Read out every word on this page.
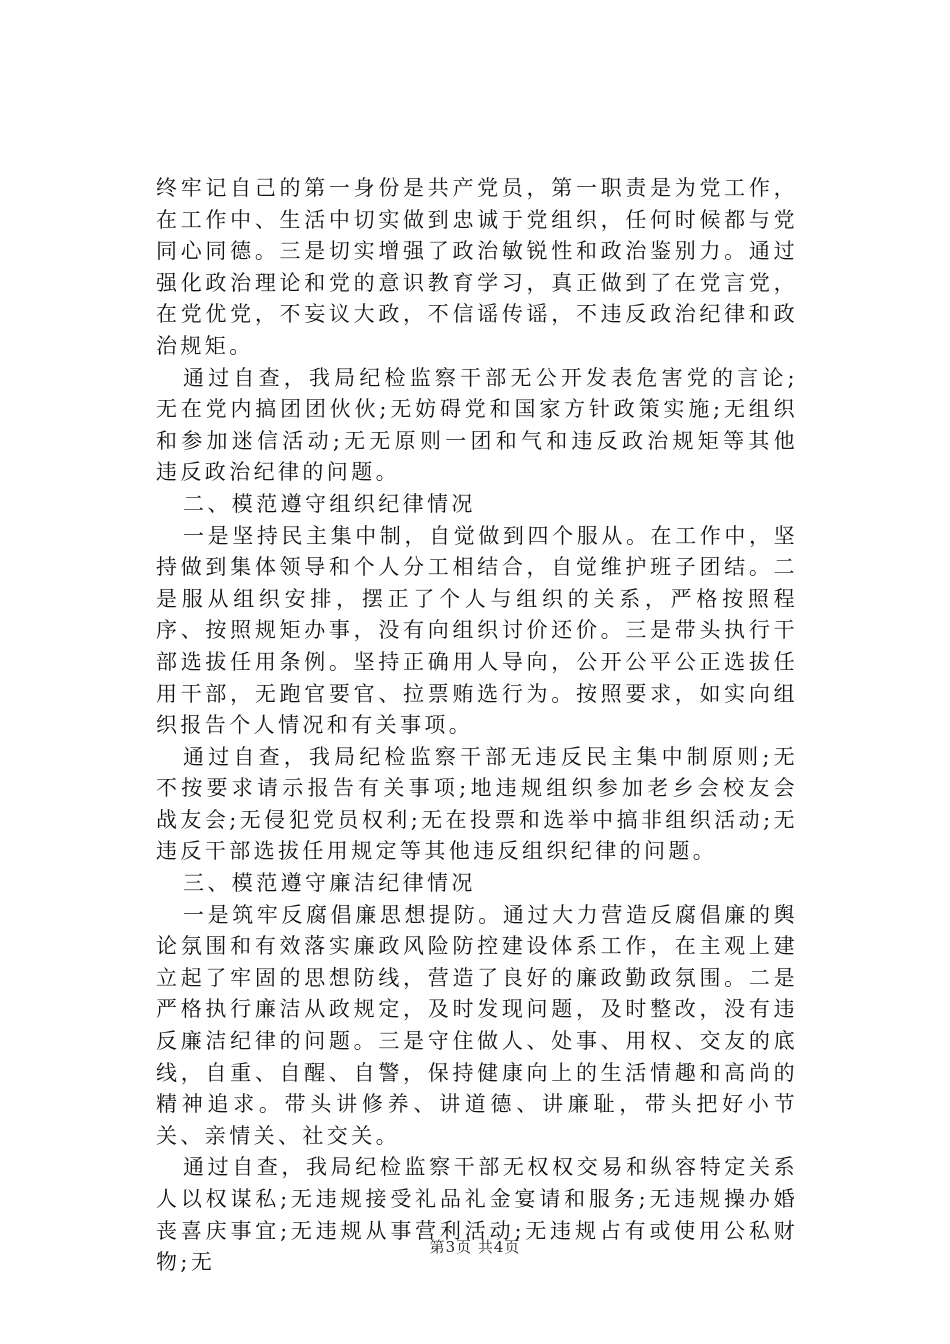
终牢记自己的第一身份是共产党员，第一职责是为党工作，在工作中、生活中切实做到忠诚于党组织，任何时候都与党同心同德。三是切实增强了政治敏锐性和政治鉴别力。通过强化政治理论和党的意识教育学习，真正做到了在党言党，在党优党，不妄议大政，不信谣传谣，不违反政治纪律和政治规矩。

通过自查，我局纪检监察干部无公开发表危害党的言论;无在党内搞团团伙伙;无妨碍党和国家方针政策实施;无组织和参加迷信活动;无无原则一团和气和违反政治规矩等其他违反政治纪律的问题。

二、模范遵守组织纪律情况

一是坚持民主集中制，自觉做到四个服从。在工作中，坚持做到集体领导和个人分工相结合，自觉维护班子团结。二是服从组织安排，摆正了个人与组织的关系，严格按照程序、按照规矩办事，没有向组织讨价还价。三是带头执行干部选拔任用条例。坚持正确用人导向，公开公平公正选拔任用干部，无跑官要官、拉票贿选行为。按照要求，如实向组织报告个人情况和有关事项。

通过自查，我局纪检监察干部无违反民主集中制原则;无不按要求请示报告有关事项;地违规组织参加老乡会校友会战友会;无侵犯党员权利;无在投票和选举中搞非组织活动;无违反干部选拔任用规定等其他违反组织纪律的问题。

三、模范遵守廉洁纪律情况

一是筑牢反腐倡廉思想提防。通过大力营造反腐倡廉的舆论氛围和有效落实廉政风险防控建设体系工作，在主观上建立起了牢固的思想防线，营造了良好的廉政勤政氛围。二是严格执行廉洁从政规定，及时发现问题，及时整改，没有违反廉洁纪律的问题。三是守住做人、处事、用权、交友的底线，自重、自醒、自警，保持健康向上的生活情趣和高尚的精神追求。带头讲修养、讲道德、讲廉耻，带头把好小节关、亲情关、社交关。

通过自查，我局纪检监察干部无权权交易和纵容特定关系人以权谋私;无违规接受礼品礼金宴请和服务;无违规操办婚丧喜庆事宜;无违规从事营利活动;无违规占有或使用公私财物;无

第3页 共4页
